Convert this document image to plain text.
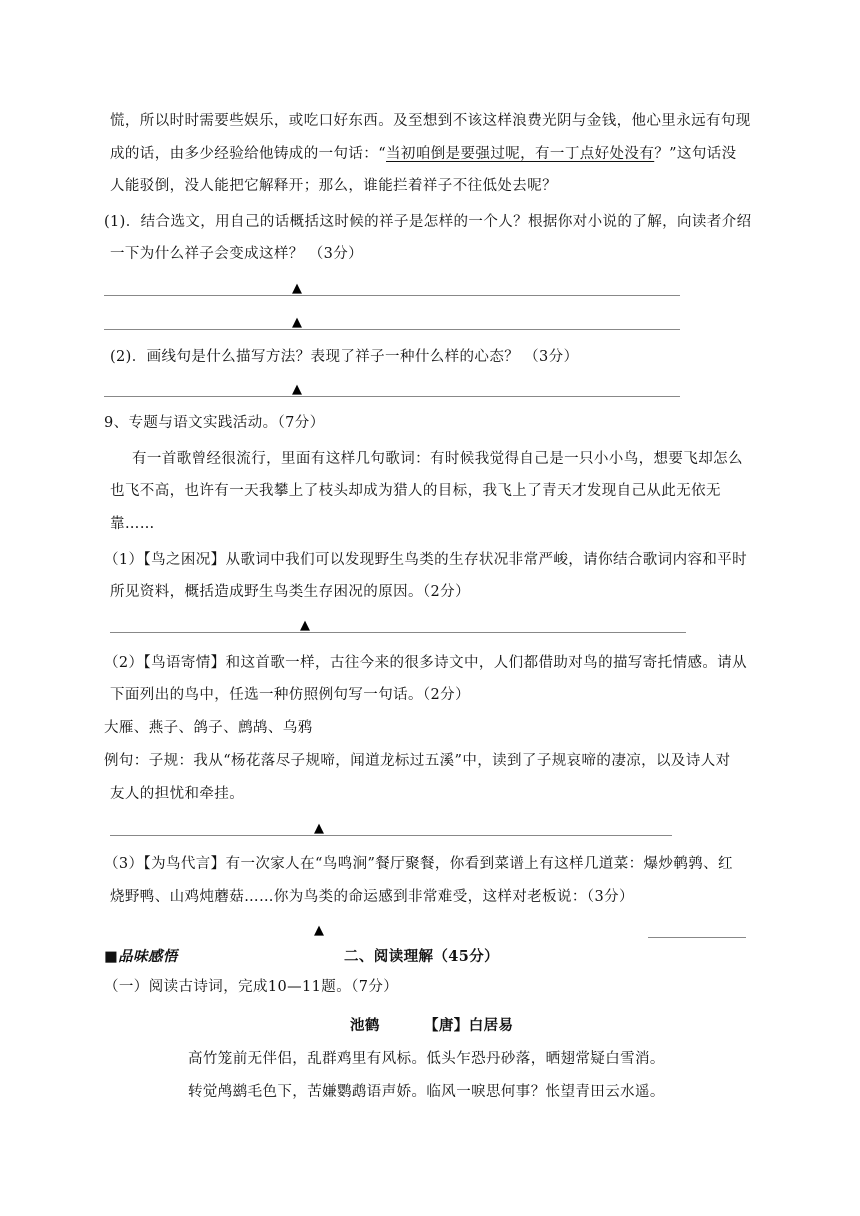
慌，所以时时需要些娱乐，或吃口好东西。及至想到不该这样浪费光阴与金钱，他心里永远有句现
成的话，由多少经验给他铸成的一句话：“当初咱倒是要强过呢，有一丁点好处没有？”这句话没
人能驳倒，没人能把它解释开；那么，谁能拦着祥子不往低处去呢？
(1)．结合选文，用自己的话概括这时候的祥子是怎样的一个人？根据你对小说的了解，向读者介绍
一下为什么祥子会变成这样？ （3分）
▲
▲
(2)．画线句是什么描写方法？表现了祥子一种什么样的心态？ （3分）
▲
9、专题与语文实践活动。（7分）
有一首歌曾经很流行，里面有这样几句歌词：有时候我觉得自己是一只小小鸟，想要飞却怎么
也飞不高，也许有一天我攀上了枝头却成为猎人的目标，我飞上了青天才发现自己从此无依无
靠……
（1）【鸟之困况】从歌词中我们可以发现野生鸟类的生存状况非常严峻，请你结合歌词内容和平时
所见资料，概括造成野生鸟类生存困况的原因。（2分）
▲
（2）【鸟语寄情】和这首歌一样，古往今来的很多诗文中，人们都借助对鸟的描写寄托情感。请从
下面列出的鸟中，任选一种仿照例句写一句话。（2分）
大雁、燕子、鸽子、鹧鸪、乌鸦
例句：子规：我从“杨花落尽子规啼，闻道龙标过五溪”中，读到了子规哀啼的凄凉，以及诗人对
友人的担忧和牵挂。
▲
（3）【为鸟代言】有一次家人在“鸟鸣涧”餐厅聚餐，你看到菜谱上有这样几道菜：爆炒鹌鹑、红
烧野鸭、山鸡炖蘑菇……你为鸟类的命运感到非常难受，这样对老板说：（3分）
▲
■品味感悟	二、阅读理解（45分）
（一）阅读古诗词，完成10—11题。（7分）
池鹤	【唐】白居易
高竹笼前无伴侣，乱群鸡里有风标。低头乍恐丹砂落，晒翅常疑白雪消。
转觉鸬鹚毛色下，苦嫌鹦鹉语声娇。临风一唳思何事？怅望青田云水遥。
